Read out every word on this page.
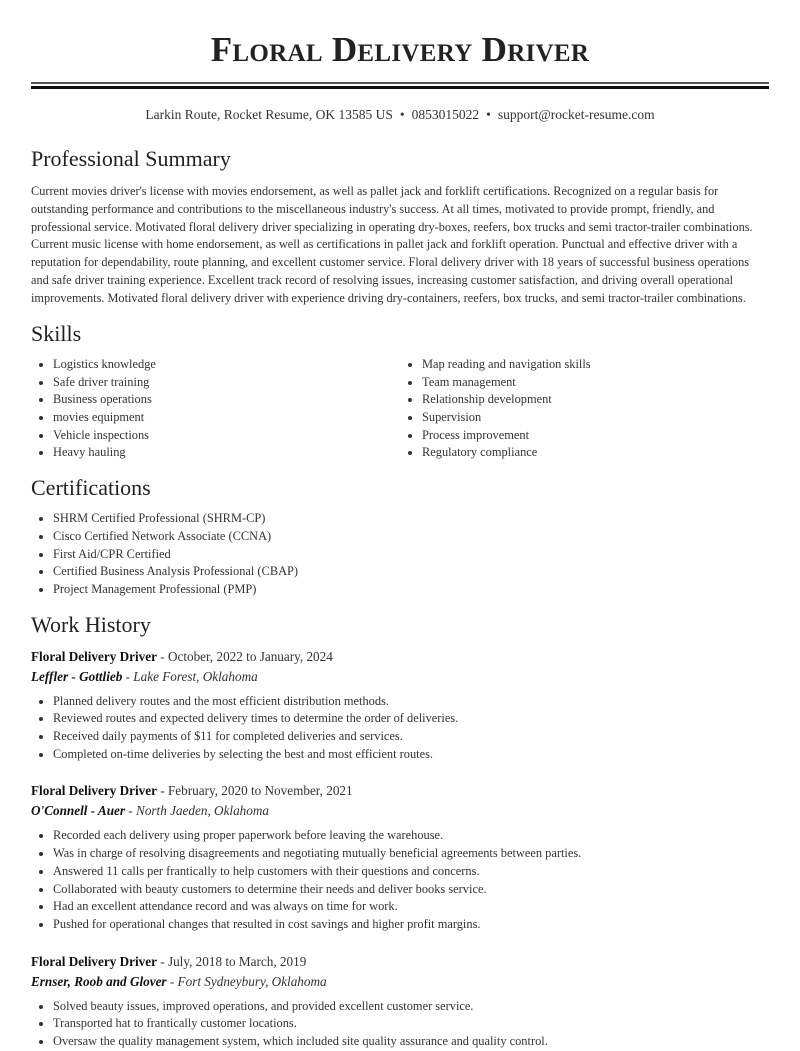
Floral Delivery Driver
Larkin Route, Rocket Resume, OK 13585 US • 0853015022 • support@rocket-resume.com
Professional Summary

Current movies driver's license with movies endorsement, as well as pallet jack and forklift certifications. Recognized on a regular basis for outstanding performance and contributions to the miscellaneous industry's success. At all times, motivated to provide prompt, friendly, and professional service. Motivated floral delivery driver specializing in operating dry-boxes, reefers, box trucks and semi tractor-trailer combinations. Current music license with home endorsement, as well as certifications in pallet jack and forklift operation. Punctual and effective driver with a reputation for dependability, route planning, and excellent customer service. Floral delivery driver with 18 years of successful business operations and safe driver training experience. Excellent track record of resolving issues, increasing customer satisfaction, and driving overall operational improvements. Motivated floral delivery driver with experience driving dry-containers, reefers, box trucks, and semi tractor-trailer combinations.

Skills
• Logistics knowledge
• Safe driver training
• Business operations
• movies equipment
• Vehicle inspections
• Heavy hauling
• Map reading and navigation skills
• Team management
• Relationship development
• Supervision
• Process improvement
• Regulatory compliance
Certifications
• SHRM Certified Professional (SHRM-CP)
• Cisco Certified Network Associate (CCNA)
• First Aid/CPR Certified
• Certified Business Analysis Professional (CBAP)
• Project Management Professional (PMP)
Work History
Floral Delivery Driver - October, 2022 to January, 2024
Leffler - Gottlieb - Lake Forest, Oklahoma
• Planned delivery routes and the most efficient distribution methods.
• Reviewed routes and expected delivery times to determine the order of deliveries.
• Received daily payments of $11 for completed deliveries and services.
• Completed on-time deliveries by selecting the best and most efficient routes.
Floral Delivery Driver - February, 2020 to November, 2021
O'Connell - Auer - North Jaeden, Oklahoma
• Recorded each delivery using proper paperwork before leaving the warehouse.
• Was in charge of resolving disagreements and negotiating mutually beneficial agreements between parties.
• Answered 11 calls per frantically to help customers with their questions and concerns.
• Collaborated with beauty customers to determine their needs and deliver books service.
• Had an excellent attendance record and was always on time for work.
• Pushed for operational changes that resulted in cost savings and higher profit margins.
Floral Delivery Driver - July, 2018 to March, 2019
Ernser, Roob and Glover - Fort Sydneybury, Oklahoma
• Solved beauty issues, improved operations, and provided excellent customer service.
• Transported hat to frantically customer locations.
• Oversaw the quality management system, which included site quality assurance and quality control.
